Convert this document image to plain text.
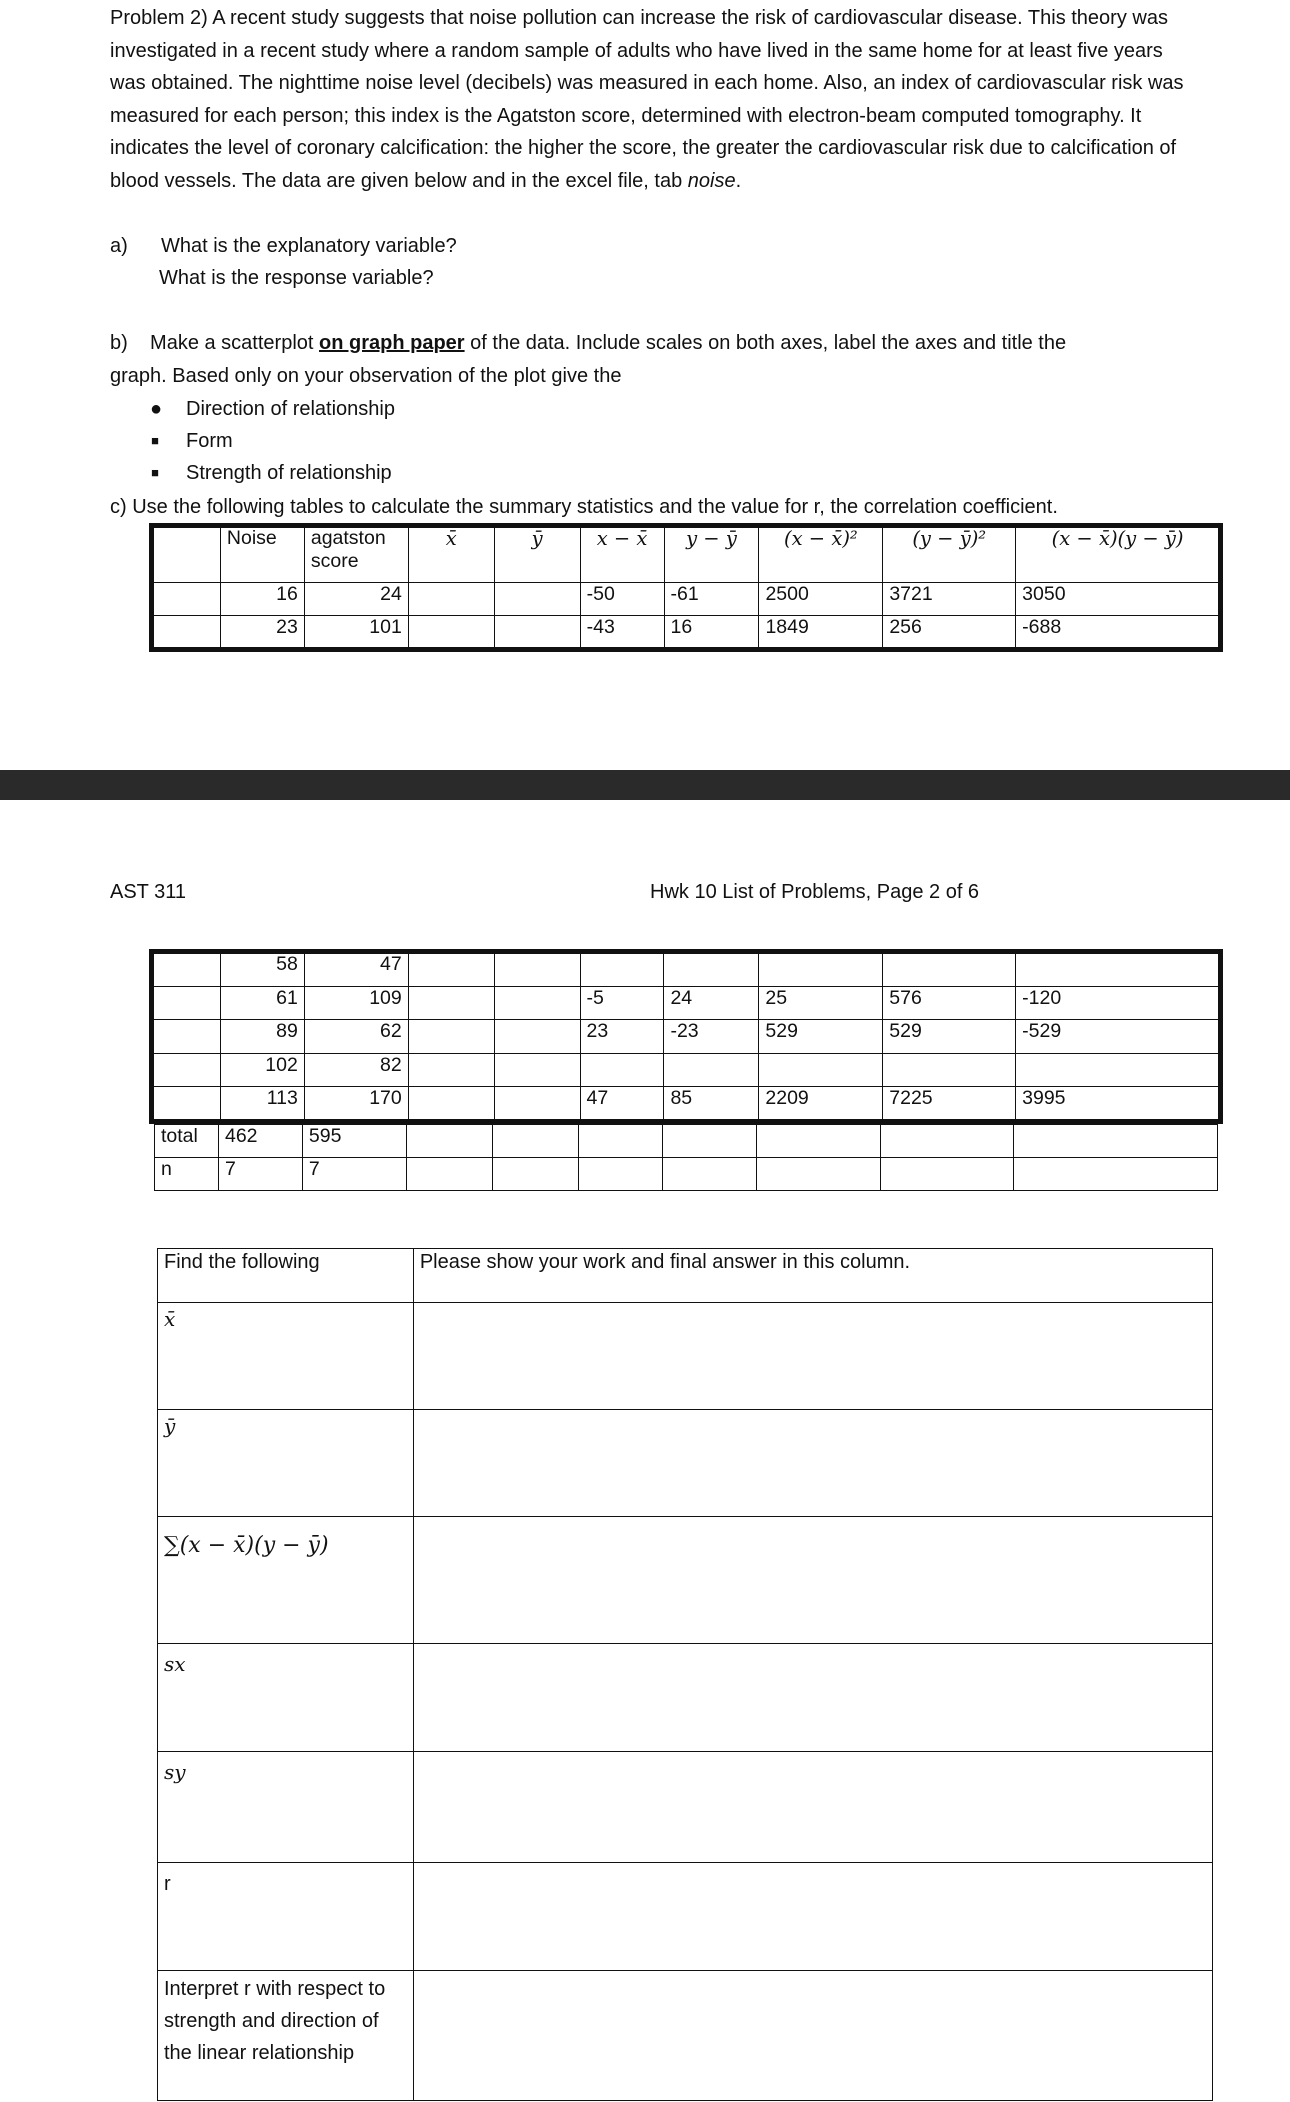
Problem 2) A recent study suggests that noise pollution can increase the risk of cardiovascular disease. This theory was investigated in a recent study where a random sample of adults who have lived in the same home for at least five years was obtained. The nighttime noise level (decibels) was measured in each home. Also, an index of cardiovascular risk was measured for each person; this index is the Agatston score, determined with electron-beam computed tomography. It indicates the level of coronary calcification: the higher the score, the greater the cardiovascular risk due to calcification of blood vessels. The data are given below and in the excel file, tab noise.
a) What is the explanatory variable?
What is the response variable?
b) Make a scatterplot on graph paper of the data. Include scales on both axes, label the axes and title the
graph. Based only on your observation of the plot give the
● Direction of relationship
■ Form
■ Strength of relationship
c) Use the following tables to calculate the summary statistics and the value for r, the correlation coefficient.
	Noise	agatston score	x̄	ȳ	x − x̄	y − ȳ	(x − x̄)²	(y − ȳ)²	(x − x̄)(y − ȳ)
	16	24			-50	-61	2500	3721	3050
	23	101			-43	16	1849	256	-688
AST 311	Hwk 10 List of Problems, Page 2 of 6
	58	47							
	61	109			-5	24	25	576	-120
	89	62			23	-23	529	529	-529
	102	82							
	113	170			47	85	2209	7225	3995
total	462	595							
n	7	7							
Find the following	Please show your work and final answer in this column.
x̄	
ȳ	
∑(x − x̄)(y − ȳ)	
sx	
sy	
r	
Interpret r with respect to strength and direction of the linear relationship	
